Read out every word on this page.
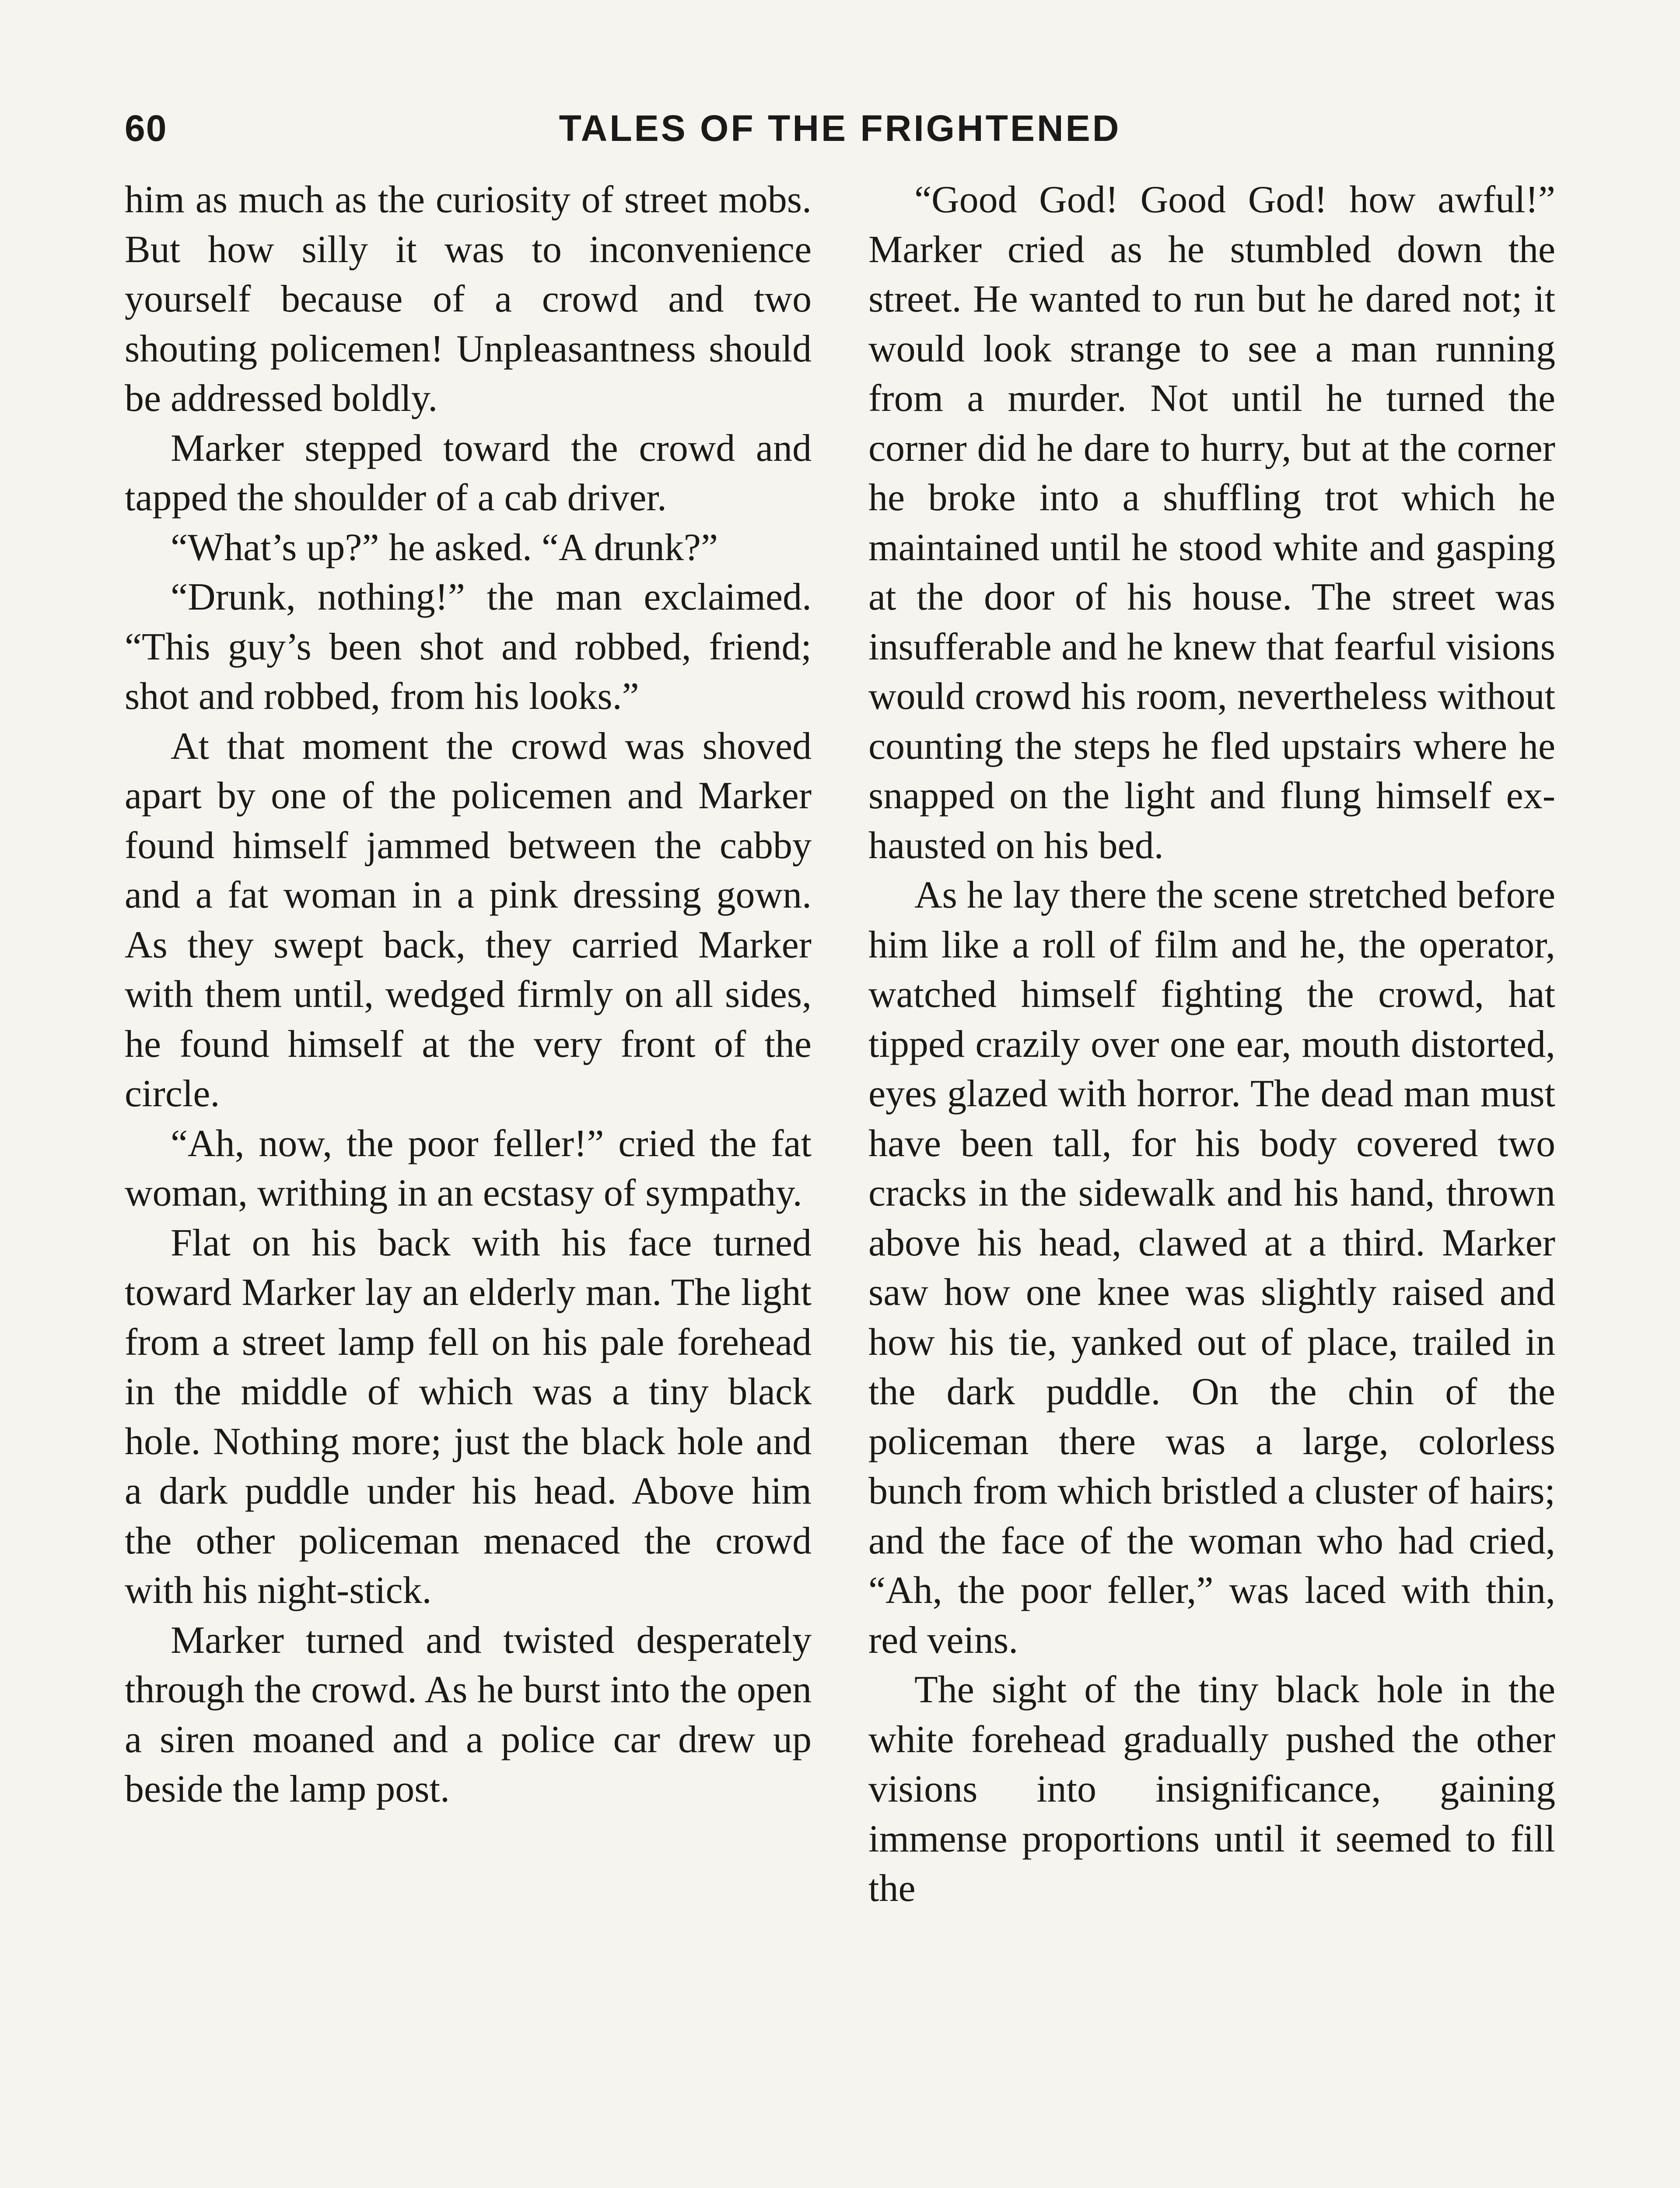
60	TALES OF THE FRIGHTENED

him as much as the curiosity of street mobs. But how silly it was to inconvenience yourself because of a crowd and two shouting policemen! Unpleasantness should be addressed boldly.

Marker stepped toward the crowd and tapped the shoulder of a cab driver.

“What’s up?” he asked. “A drunk?”

“Drunk, nothing!” the man exclaimed. “This guy’s been shot and robbed, friend; shot and robbed, from his looks.”

At that moment the crowd was shoved apart by one of the policemen and Marker found himself jammed between the cabby and a fat woman in a pink dressing gown. As they swept back, they carried Marker with them until, wedged firmly on all sides, he found himself at the very front of the circle.

“Ah, now, the poor feller!” cried the fat woman, writhing in an ecstasy of sympathy.

Flat on his back with his face turned toward Marker lay an elderly man. The light from a street lamp fell on his pale forehead in the middle of which was a tiny black hole. Nothing more; just the black hole and a dark puddle under his head. Above him the other policeman menaced the crowd with his night-stick.

Marker turned and twisted desperately through the crowd. As he burst into the open a siren moaned and a police car drew up beside the lamp post.

“Good God! Good God! how awful!” Marker cried as he stumbled down the street. He wanted to run but he dared not; it would look strange to see a man running from a murder. Not until he turned the corner did he dare to hurry, but at the corner he broke into a shuffling trot which he maintained until he stood white and gasping at the door of his house. The street was insufferable and he knew that fearful visions would crowd his room, nevertheless without counting the steps he fled upstairs where he snapped on the light and flung himself exhausted on his bed.

As he lay there the scene stretched before him like a roll of film and he, the operator, watched himself fighting the crowd, hat tipped crazily over one ear, mouth distorted, eyes glazed with horror. The dead man must have been tall, for his body covered two cracks in the sidewalk and his hand, thrown above his head, clawed at a third. Marker saw how one knee was slightly raised and how his tie, yanked out of place, trailed in the dark puddle. On the chin of the policeman there was a large, colorless bunch from which bristled a cluster of hairs; and the face of the woman who had cried, “Ah, the poor feller,” was laced with thin, red veins.

The sight of the tiny black hole in the white forehead gradually pushed the other visions into insignificance, gaining immense proportions until it seemed to fill the
